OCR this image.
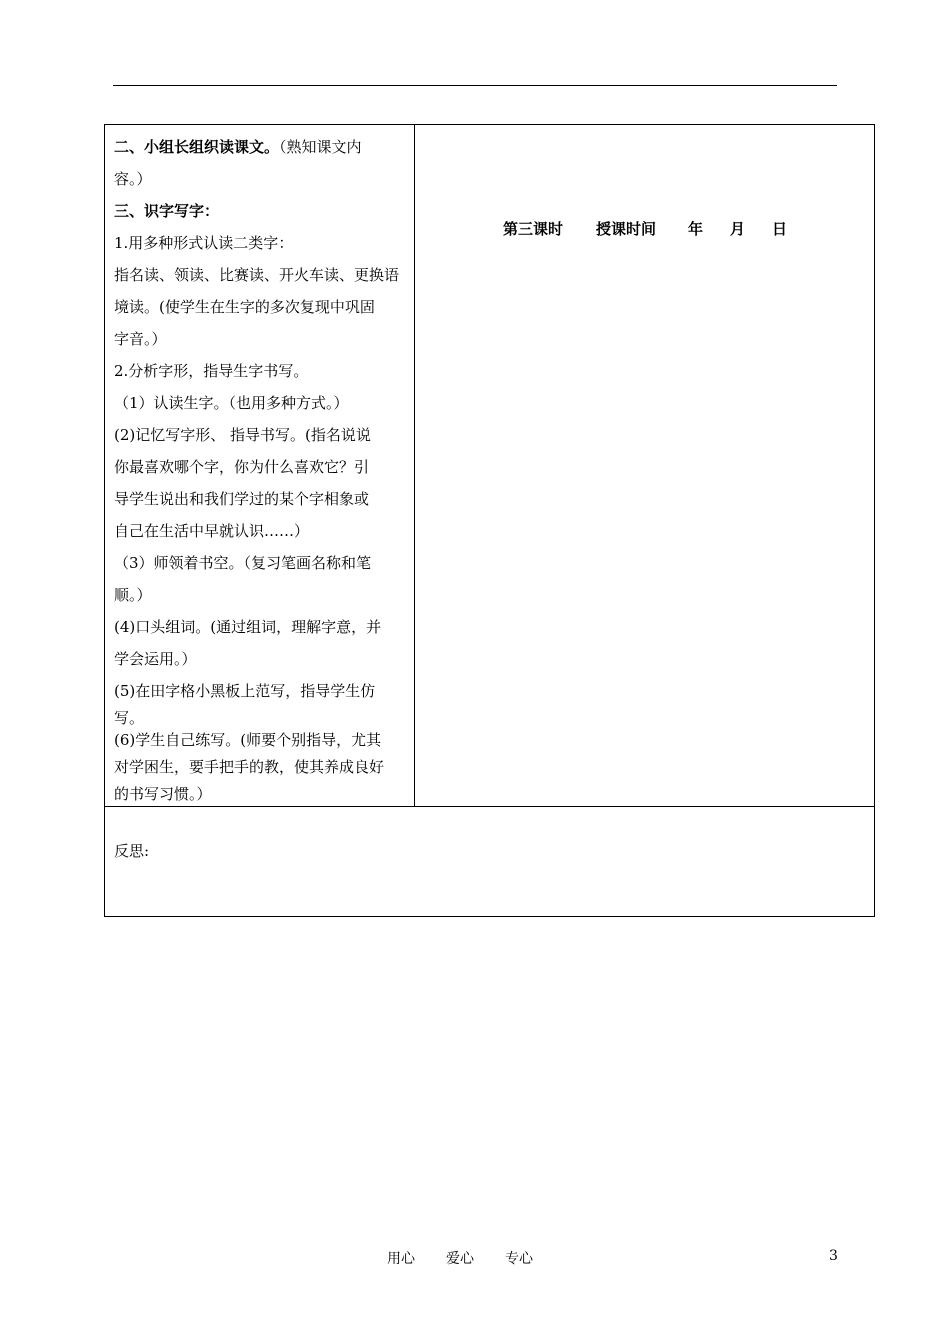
二、小组长组织读课文。（熟知课文内
容。）
三、识字写字：
1.用多种形式认读二类字：
指名读、领读、比赛读、开火车读、更换语
境读。(使学生在生字的多次复现中巩固
字音。）
2.分析字形，指导生字书写。
（1）认读生字。（也用多种方式。）
(2)记忆写字形、 指导书写。(指名说说
你最喜欢哪个字，你为什么喜欢它？引
导学生说出和我们学过的某个字相象或
自己在生活中早就认识……）
（3）师领着书空。（复习笔画名称和笔
顺。）
(4)口头组词。(通过组词，理解字意，并
学会运用。）
(5)在田字格小黑板上范写，指导学生仿
写。
(6)学生自己练写。(师要个别指导，尤其
对学困生，要手把手的教，使其养成良好
的书写习惯。）
第三课时 授课时间 年 月 日
反思:
用心 爱心 专心	3
